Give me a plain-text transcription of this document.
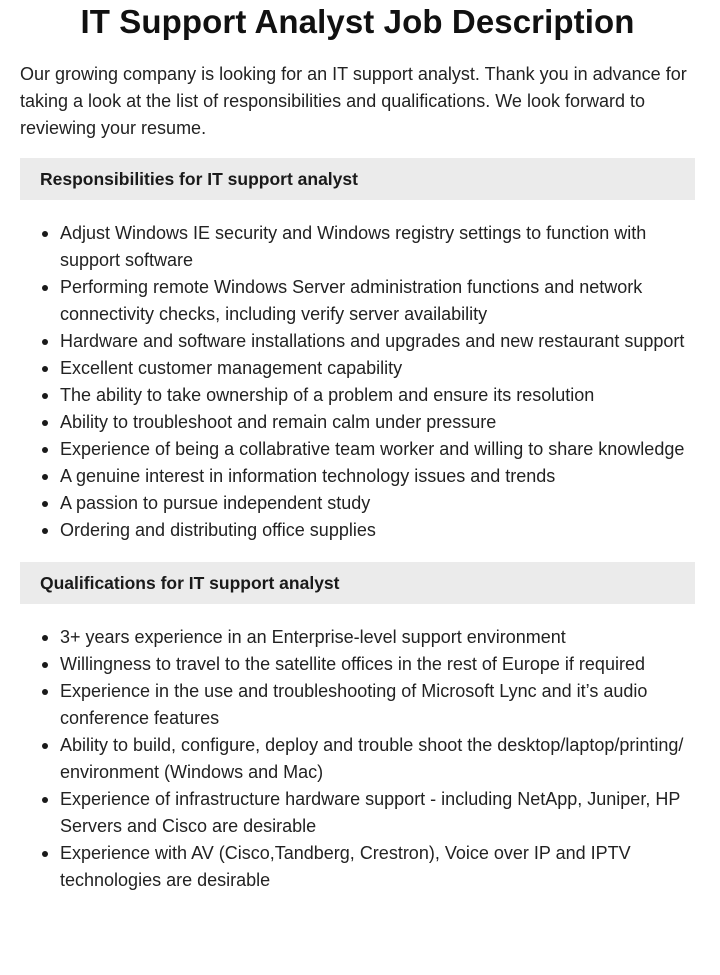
IT Support Analyst Job Description

Our growing company is looking for an IT support analyst. Thank you in advance for taking a look at the list of responsibilities and qualifications. We look forward to reviewing your resume.

Responsibilities for IT support analyst
Adjust Windows IE security and Windows registry settings to function with support software
Performing remote Windows Server administration functions and network connectivity checks, including verify server availability
Hardware and software installations and upgrades and new restaurant support
Excellent customer management capability
The ability to take ownership of a problem and ensure its resolution
Ability to troubleshoot and remain calm under pressure
Experience of being a collabrative team worker and willing to share knowledge
A genuine interest in information technology issues and trends
A passion to pursue independent study
Ordering and distributing office supplies
Qualifications for IT support analyst
3+ years experience in an Enterprise-level support environment
Willingness to travel to the satellite offices in the rest of Europe if required
Experience in the use and troubleshooting of Microsoft Lync and it’s audio conference features
Ability to build, configure, deploy and trouble shoot the desktop/laptop/printing/ environment (Windows and Mac)
Experience of infrastructure hardware support - including NetApp, Juniper, HP Servers and Cisco are desirable
Experience with AV (Cisco,Tandberg, Crestron), Voice over IP and IPTV technologies are desirable
